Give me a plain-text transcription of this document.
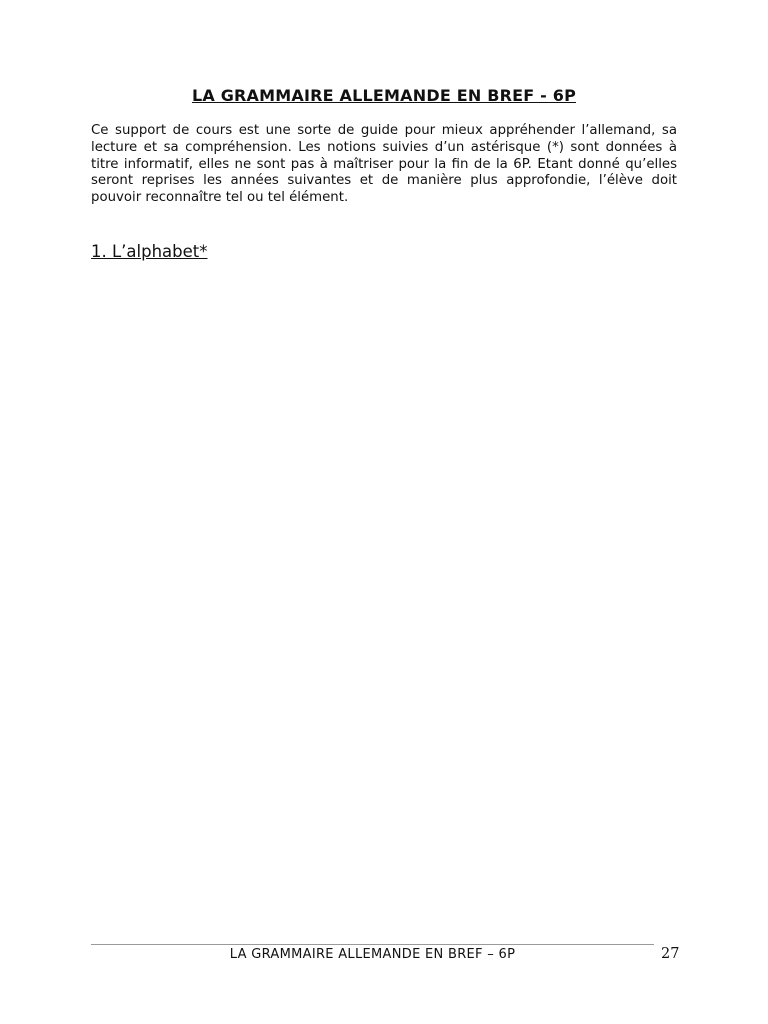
LA GRAMMAIRE ALLEMANDE EN BREF - 6P
Ce support de cours est une sorte de guide pour mieux appréhender l’allemand, sa lecture et sa compréhension. Les notions suivies d’un astérisque (*) sont données à titre informatif, elles ne sont pas à maîtriser pour la fin de la 6P. Etant donné qu’elles seront reprises les années suivantes et de manière plus approfondie, l’élève doit pouvoir reconnaître tel ou tel élément.
1. L’alphabet*
LA GRAMMAIRE ALLEMANDE EN BREF – 6P	27
